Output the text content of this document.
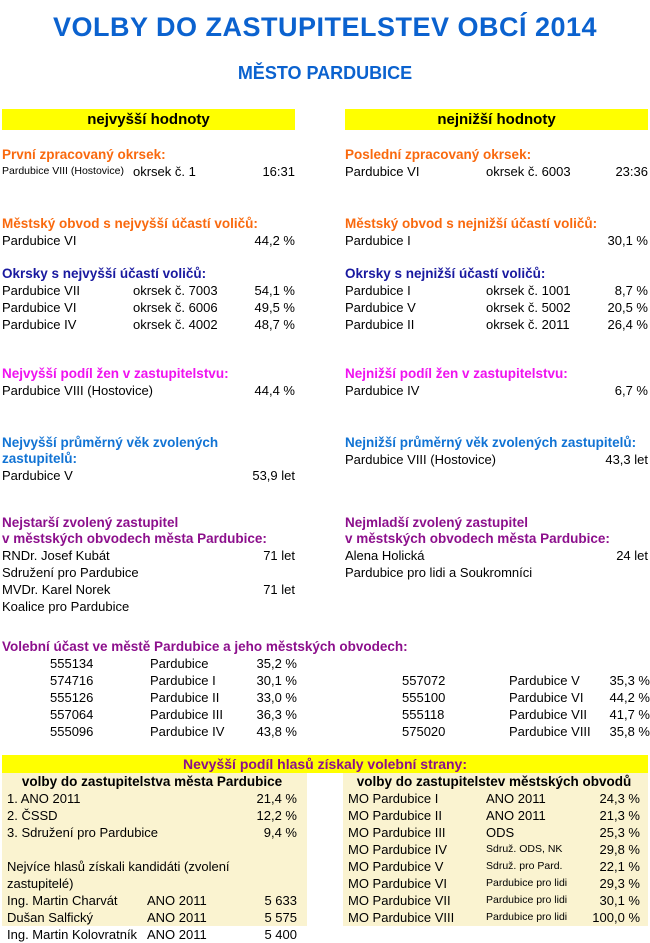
VOLBY DO ZASTUPITELSTEV OBCÍ 2014
MĚSTO PARDUBICE
nejvyšší hodnoty	nejnižší hodnoty
První zpracovaný okrsek:
Pardubice VIII (Hostovice) okrsek č. 1	16:31
Poslední zpracovaný okrsek:
Pardubice VI	okrsek č. 6003	23:36
Městský obvod s nejvyšší účastí voličů:
Pardubice VI	44,2 %
Městský obvod s nejnižší účastí voličů:
Pardubice I	30,1 %
Okrsky s nejvyšší účastí voličů:
Pardubice VII	okrsek č. 7003	54,1 %
Pardubice VI	okrsek č. 6006	49,5 %
Pardubice IV	okrsek č. 4002	48,7 %
Okrsky s nejnižší účastí voličů:
Pardubice I	okrsek č. 1001	8,7 %
Pardubice V	okrsek č. 5002	20,5 %
Pardubice II	okrsek č. 2011	26,4 %
Nejvyšší podíl žen v zastupitelstvu:
Pardubice VIII (Hostovice)	44,4 %
Nejnižší podíl žen v zastupitelstvu:
Pardubice IV	6,7 %
Nejvyšší průměrný věk zvolených zastupitelů:
Pardubice V	53,9 let
Nejnižší průměrný věk zvolených zastupitelů:
Pardubice VIII (Hostovice)	43,3 let
Nejstarší zvolený zastupitel
v městských obvodech města Pardubice:
RNDr. Josef Kubát	71 let
Sdružení pro Pardubice
MVDr. Karel Norek	71 let
Koalice pro Pardubice
Nejmladší zvolený zastupitel
v městských obvodech města Pardubice:
Alena Holická	24 let
Pardubice pro lidi a Soukromníci
Volební účast ve městě Pardubice a jeho městských obvodech:
555134	Pardubice	35,2 %
574716	Pardubice I	30,1 %	557072	Pardubice V	35,3 %
555126	Pardubice II	33,0 %	555100	Pardubice VI	44,2 %
557064	Pardubice III	36,3 %	555118	Pardubice VII	41,7 %
555096	Pardubice IV	43,8 %	575020	Pardubice VIII	35,8 %
Nevyšší podíl hlasů získaly volební strany:
volby do zastupitelstva města Pardubice
1. ANO 2011	21,4 %
2. ČSSD	12,2 %
3. Sdružení pro Pardubice	9,4 %
Nejvíce hlasů získali kandidáti (zvolení zastupitelé)
Ing. Martin Charvát	ANO 2011	5 633
Dušan Salfický	ANO 2011	5 575
Ing. Martin Kolovratník ANO 2011	5 400
volby do zastupitelstev městských obvodů
MO Pardubice I	ANO 2011	24,3 %
MO Pardubice II	ANO 2011	21,3 %
MO Pardubice III	ODS	25,3 %
MO Pardubice IV	Sdruž. ODS, NK	29,8 %
MO Pardubice V	Sdruž. pro Pard.	22,1 %
MO Pardubice VI	Pardubice pro lidi	29,3 %
MO Pardubice VII	Pardubice pro lidi	30,1 %
MO Pardubice VIII	Pardubice pro lidi	100,0 %
